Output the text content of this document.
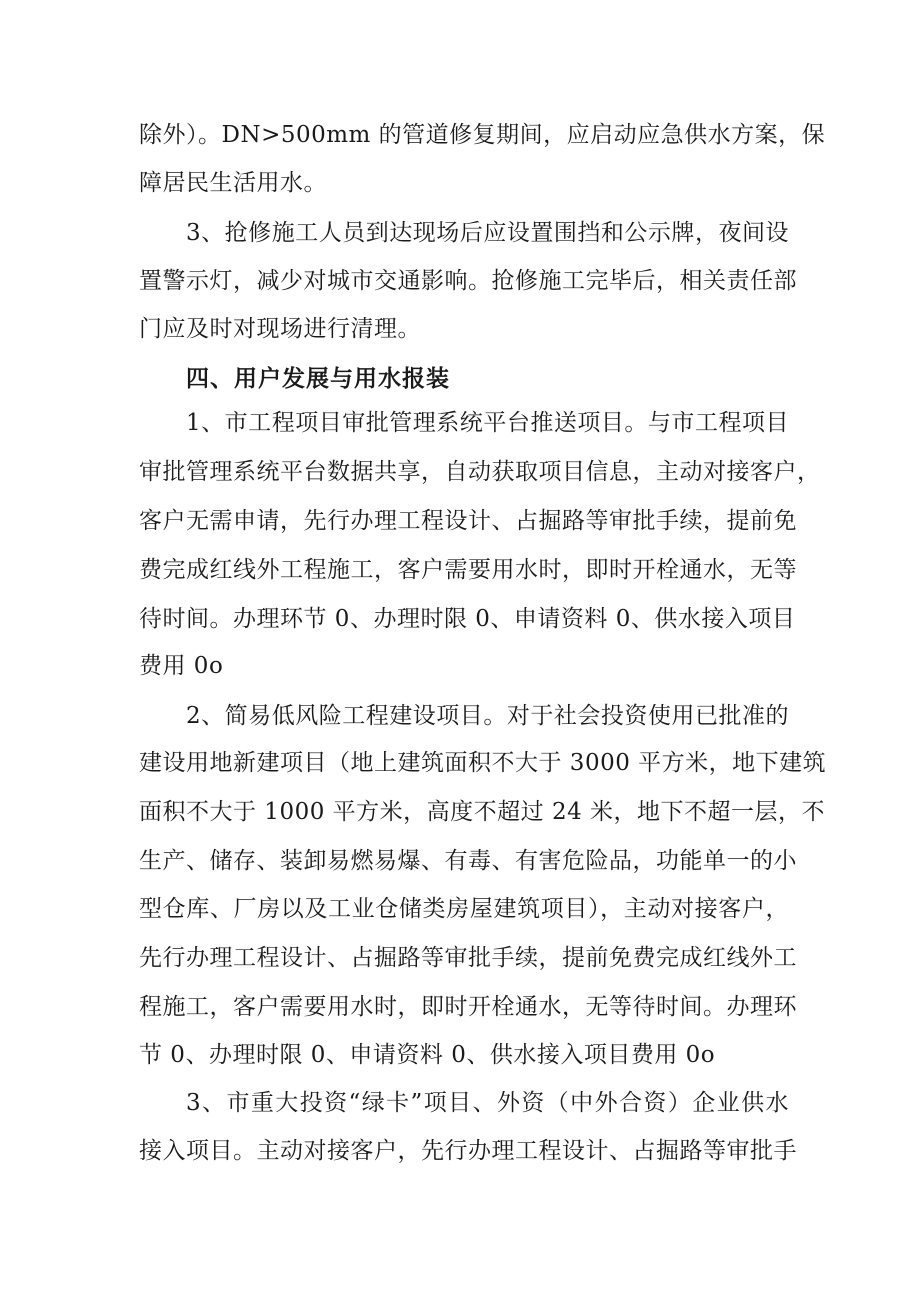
除外）。DN>500mm 的管道修复期间，应启动应急供水方案，保
障居民生活用水。
3、抢修施工人员到达现场后应设置围挡和公示牌，夜间设
置警示灯，减少对城市交通影响。抢修施工完毕后，相关责任部
门应及时对现场进行清理。
四、用户发展与用水报装
1、市工程项目审批管理系统平台推送项目。与市工程项目
审批管理系统平台数据共享，自动获取项目信息，主动对接客户，
客户无需申请，先行办理工程设计、占掘路等审批手续，提前免
费完成红线外工程施工，客户需要用水时，即时开栓通水，无等
待时间。办理环节 0、办理时限 0、申请资料 0、供水接入项目
费用 0o
2、简易低风险工程建设项目。对于社会投资使用已批准的
建设用地新建项目（地上建筑面积不大于 3000 平方米，地下建筑
面积不大于 1000 平方米，高度不超过 24 米，地下不超一层，不
生产、储存、装卸易燃易爆、有毒、有害危险品，功能单一的小
型仓库、厂房以及工业仓储类房屋建筑项目），主动对接客户，
先行办理工程设计、占掘路等审批手续，提前免费完成红线外工
程施工，客户需要用水时，即时开栓通水，无等待时间。办理环
节 0、办理时限 0、申请资料 0、供水接入项目费用 0o
3、市重大投资“绿卡”项目、外资（中外合资）企业供水
接入项目。主动对接客户，先行办理工程设计、占掘路等审批手
